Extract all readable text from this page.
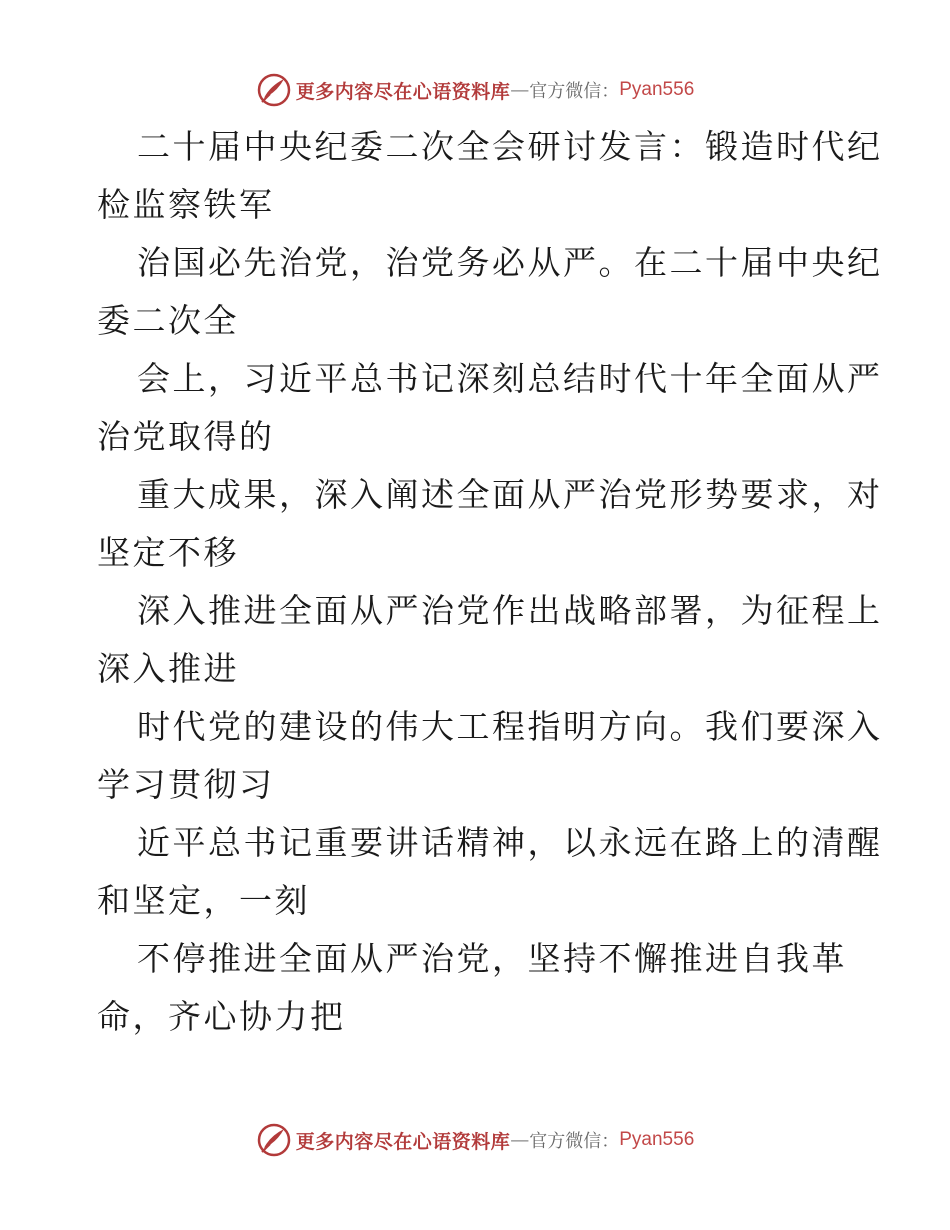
更多内容尽在心语资料库 — 官方微信： Pyan556
二十届中央纪委二次全会研讨发言：锻造时代纪
检监察铁军
治国必先治党，治党务必从严。在二十届中央纪
委二次全
会上，习近平总书记深刻总结时代十年全面从严
治党取得的
重大成果，深入阐述全面从严治党形势要求，对
坚定不移
深入推进全面从严治党作出战略部署，为征程上
深入推进
时代党的建设的伟大工程指明方向。我们要深入
学习贯彻习
近平总书记重要讲话精神，以永远在路上的清醒
和坚定，一刻
不停推进全面从严治党，坚持不懈推进自我革
命，齐心协力把
更多内容尽在心语资料库 — 官方微信： Pyan556
